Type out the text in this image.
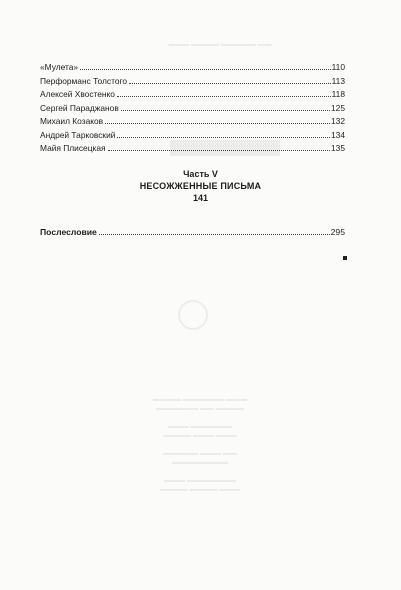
▬▬▬ ▬▬▬▬ ▬▬▬▬▬ ▬▬
▬▬▬▬ ▬▬▬▬▬▬ ▬▬▬
▬▬▬▬▬▬ ▬▬ ▬▬▬▬

▬▬▬ ▬▬▬▬▬▬
▬▬▬▬ ▬▬▬ ▬▬▬

▬▬▬▬▬ ▬▬▬ ▬▬
▬▬▬▬▬▬▬▬

▬▬▬ ▬▬▬▬▬▬▬
▬▬▬▬ ▬▬▬▬ ▬▬▬
«Мулета»	110
Перформанс Толстого	113
Алексей Хвостенко	118
Сергей Параджанов	125
Михаил Козаков	132
Андрей Тарковский	134
Майя Плисецкая	135
Часть V
НЕСОЖЖЕННЫЕ ПИСЬМА
141
Послесловие	295
